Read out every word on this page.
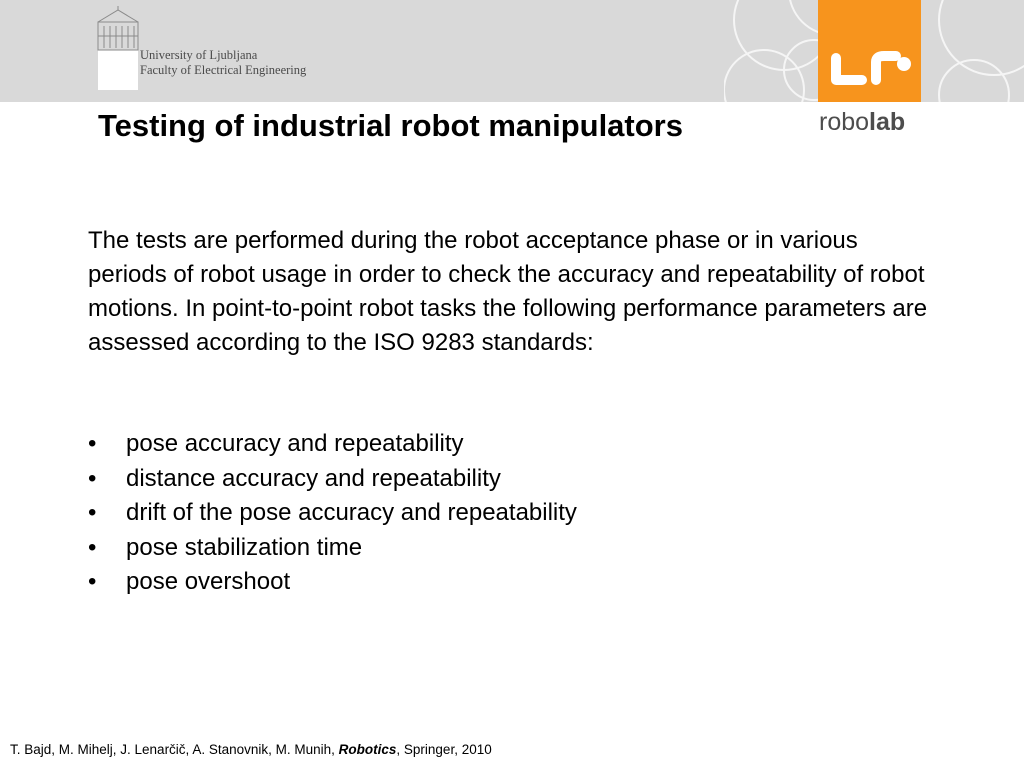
University of Ljubljana
Faculty of Electrical Engineering
robolab
Testing of industrial robot manipulators

The tests are performed during the robot acceptance phase or in various periods of robot usage in order to check the accuracy and repeatability of robot motions. In point-to-point robot tasks the following performance parameters are assessed according to the ISO 9283 standards:

• pose accuracy and repeatability
• distance accuracy and repeatability
• drift of the pose accuracy and repeatability
• pose stabilization time
• pose overshoot
T. Bajd, M. Mihelj, J. Lenarčič, A. Stanovnik, M. Munih, Robotics, Springer, 2010
